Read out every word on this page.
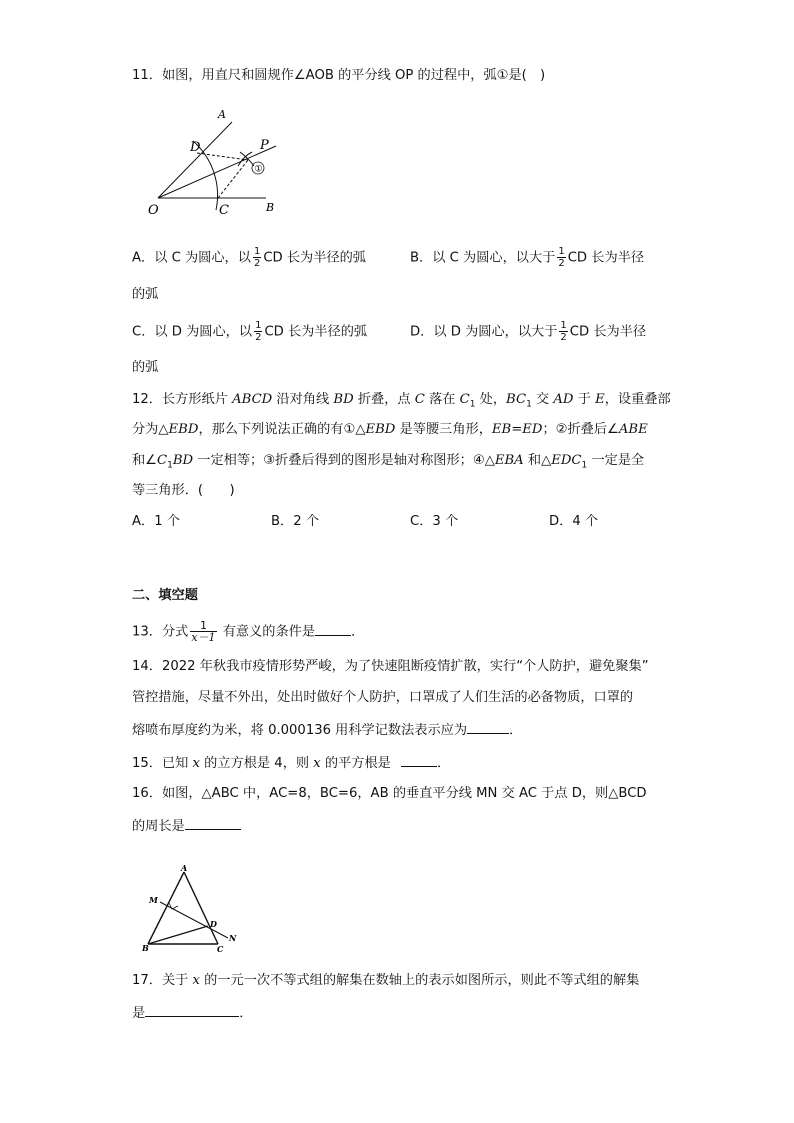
11．如图，用直尺和圆规作∠AOB 的平分线 OP 的过程中，弧①是(　)
①
A
P
D
O	C	B
A．以 C 为圆心，以 $\frac{1}{2}$ CD 长为半径的弧	B．以 C 为圆心，以大于 $\frac{1}{2}$ CD 长为半径
的弧
C．以 D 为圆心，以 $\frac{1}{2}$ CD 长为半径的弧	D．以 D 为圆心，以大于 $\frac{1}{2}$ CD 长为半径
的弧
12．长方形纸片 ABCD 沿对角线 BD 折叠，点 C 落在 $C_1$ 处，$BC_1$ 交 AD 于 E，设重叠部
分为△EBD，那么下列说法正确的有①△EBD 是等腰三角形，EB=ED；②折叠后∠ABE
和$\angle C_1BD$ 一定相等；③折叠后得到的图形是轴对称图形；④△EBA 和$\triangle EDC_1$ 一定是全
等三角形．(　　)
A．1 个	B．2 个	C．3 个	D．4 个
二、填空题
13．分式 $\frac{1}{x-1}$ 有意义的条件是	．
14．2022 年秋我市疫情形势严峻，为了快速阻断疫情扩散，实行“个人防护，避免聚集”
管控措施，尽量不外出，处出时做好个人防护，口罩成了人们生活的必备物质，口罩的
熔喷布厚度约为米，将 0.000136 用科学记数法表示应为	．
15．已知 x 的立方根是 4，则 x 的平方根是	．
16．如图，△ABC 中，AC=8，BC=6，AB 的垂直平分线 MN 交 AC 于点 D，则△BCD
的周长是
A
M
D
N
B	C
17．关于 x 的一元一次不等式组的解集在数轴上的表示如图所示，则此不等式组的解集
是	．
